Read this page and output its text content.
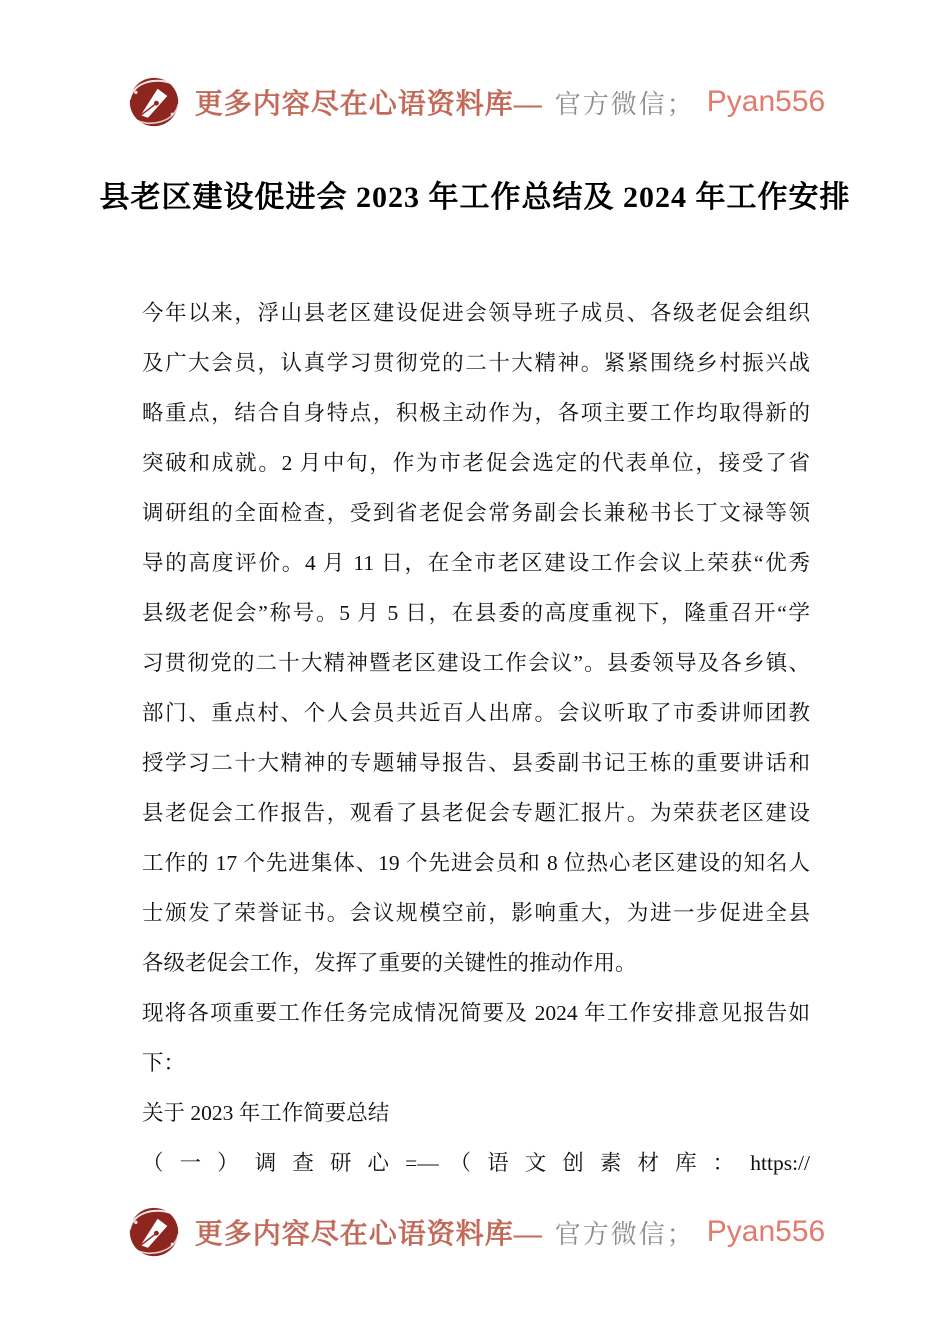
更多内容尽在心语资料库— 官方微信； Pyan556
县老区建设促进会 2023 年工作总结及 2024 年工作安排
今年以来，浮山县老区建设促进会领导班子成员、各级老促会组织
及广大会员，认真学习贯彻党的二十大精神。紧紧围绕乡村振兴战
略重点，结合自身特点，积极主动作为，各项主要工作均取得新的
突破和成就。2 月中旬，作为市老促会选定的代表单位，接受了省
调研组的全面检查，受到省老促会常务副会长兼秘书长丁文禄等领
导的高度评价。4 月 11 日，在全市老区建设工作会议上荣获“优秀
县级老促会”称号。5 月 5 日，在县委的高度重视下，隆重召开“学
习贯彻党的二十大精神暨老区建设工作会议”。县委领导及各乡镇、
部门、重点村、个人会员共近百人出席。会议听取了市委讲师团教
授学习二十大精神的专题辅导报告、县委副书记王栋的重要讲话和
县老促会工作报告，观看了县老促会专题汇报片。为荣获老区建设
工作的 17 个先进集体、19 个先进会员和 8 位热心老区建设的知名人
士颁发了荣誉证书。会议规模空前，影响重大，为进一步促进全县
各级老促会工作，发挥了重要的关键性的推动作用。
现将各项重要工作任务完成情况简要及 2024 年工作安排意见报告如
下：
关于 2023 年工作简要总结
（ 一 ） 调 查 研 心 =— （ 语 文 创 素 材 库 ： https://
更多内容尽在心语资料库— 官方微信； Pyan556
